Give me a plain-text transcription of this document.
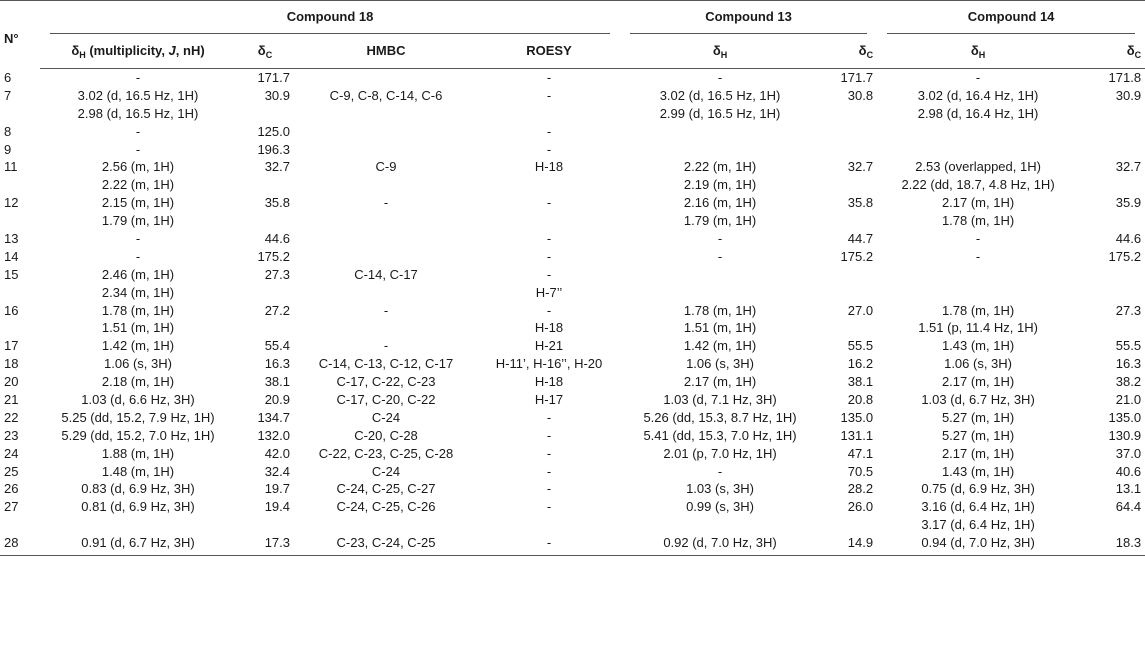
N°	Compound 18				Compound 13		Compound 14	

	$\delta_H$ (multiplicity, J, nH)	$\delta_C$	HMBC	ROESY	$\delta_H$	$\delta_C$	$\delta_H$	$\delta_C$
6	-	171.7		-	-	171.7	-	171.8
7	3.02 (d, 16.5 Hz, 1H)	30.9	C-9, C-8, C-14, C-6	-	3.02 (d, 16.5 Hz, 1H)	30.8	3.02 (d, 16.4 Hz, 1H)	30.9
	2.98 (d, 16.5 Hz, 1H)				2.99 (d, 16.5 Hz, 1H)		2.98 (d, 16.4 Hz, 1H)	
8	-	125.0		-				
9	-	196.3		-				
11	2.56 (m, 1H)	32.7	C-9	H-18	2.22 (m, 1H)	32.7	2.53 (overlapped, 1H)	32.7
	2.22 (m, 1H)				2.19 (m, 1H)		2.22 (dd, 18.7, 4.8 Hz, 1H)	
12	2.15 (m, 1H)	35.8	-	-	2.16 (m, 1H)	35.8	2.17 (m, 1H)	35.9
	1.79 (m, 1H)				1.79 (m, 1H)		1.78 (m, 1H)	
13	-	44.6		-	-	44.7	-	44.6
14	-	175.2		-	-	175.2	-	175.2
15	2.46 (m, 1H)	27.3	C-14, C-17	-				
	2.34 (m, 1H)			H-7’’				
16	1.78 (m, 1H)	27.2	-	-	1.78 (m, 1H)	27.0	1.78 (m, 1H)	27.3
	1.51 (m, 1H)			H-18	1.51 (m, 1H)		1.51 (p, 11.4 Hz, 1H)	
17	1.42 (m, 1H)	55.4	-	H-21	1.42 (m, 1H)	55.5	1.43 (m, 1H)	55.5
18	1.06 (s, 3H)	16.3	C-14, C-13, C-12, C-17	H-11’, H-16’’, H-20	1.06 (s, 3H)	16.2	1.06 (s, 3H)	16.3
20	2.18 (m, 1H)	38.1	C-17, C-22, C-23	H-18	2.17 (m, 1H)	38.1	2.17 (m, 1H)	38.2
21	1.03 (d, 6.6 Hz, 3H)	20.9	C-17, C-20, C-22	H-17	1.03 (d, 7.1 Hz, 3H)	20.8	1.03 (d, 6.7 Hz, 3H)	21.0
22	5.25 (dd, 15.2, 7.9 Hz, 1H)	134.7	C-24	-	5.26 (dd, 15.3, 8.7 Hz, 1H)	135.0	5.27 (m, 1H)	135.0
23	5.29 (dd, 15.2, 7.0 Hz, 1H)	132.0	C-20, C-28	-	5.41 (dd, 15.3, 7.0 Hz, 1H)	131.1	5.27 (m, 1H)	130.9
24	1.88 (m, 1H)	42.0	C-22, C-23, C-25, C-28	-	2.01 (p, 7.0 Hz, 1H)	47.1	2.17 (m, 1H)	37.0
25	1.48 (m, 1H)	32.4	C-24	-	-	70.5	1.43 (m, 1H)	40.6
26	0.83 (d, 6.9 Hz, 3H)	19.7	C-24, C-25, C-27	-	1.03 (s, 3H)	28.2	0.75 (d, 6.9 Hz, 3H)	13.1
27	0.81 (d, 6.9 Hz, 3H)	19.4	C-24, C-25, C-26	-	0.99 (s, 3H)	26.0	3.16 (d, 6.4 Hz, 1H)	64.4
							3.17 (d, 6.4 Hz, 1H)	
28	0.91 (d, 6.7 Hz, 3H)	17.3	C-23, C-24, C-25	-	0.92 (d, 7.0 Hz, 3H)	14.9	0.94 (d, 7.0 Hz, 3H)	18.3
